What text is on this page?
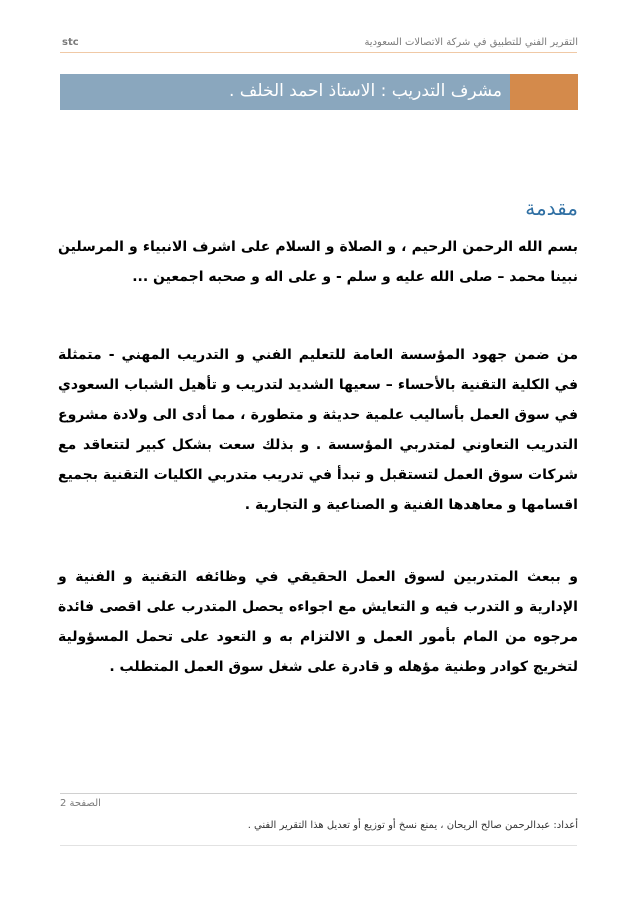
التقرير الفني للتطبيق في شركة الاتصالات السعودية
stc
مشرف التدريب : الاستاذ احمد الخلف .
مقدمة
بسم الله الرحمن الرحيم ، و الصلاة و السلام على اشرف الانبياء و المرسلين نبينا محمد – صلى الله عليه و سلم - و على اله و صحبه اجمعين ...
من ضمن جهود المؤسسة العامة للتعليم الفني و التدريب المهني - متمثلة في الكلية التقنية بالأحساء – سعيها الشديد لتدريب و تأهيل الشباب السعودي في سوق العمل بأساليب علمية حديثة و متطورة ، مما أدى الى ولادة مشروع التدريب التعاوني لمتدربي المؤسسة . و بذلك سعت بشكل كبير لتتعاقد مع شركات سوق العمل لتستقبل و تبدأ في تدريب متدربي الكليات التقنية بجميع اقسامها و معاهدها الفنية و الصناعية و التجارية .
و ببعث المتدربين لسوق العمل الحقيقي في وظائفه التقنية و الفنية و الإدارية و التدرب فيه و التعايش مع اجواءه يحصل المتدرب على اقصى فائدة مرجوه من المام بأمور العمل و الالتزام به و التعود على تحمل المسؤولية لتخريج كوادر وطنية مؤهله و قادرة على شغل سوق العمل المتطلب .
الصفحة 2
أعداد: عبدالرحمن صالح الريحان ، يمنع نسخ أو توزيع أو تعديل هذا التقرير الفني .
